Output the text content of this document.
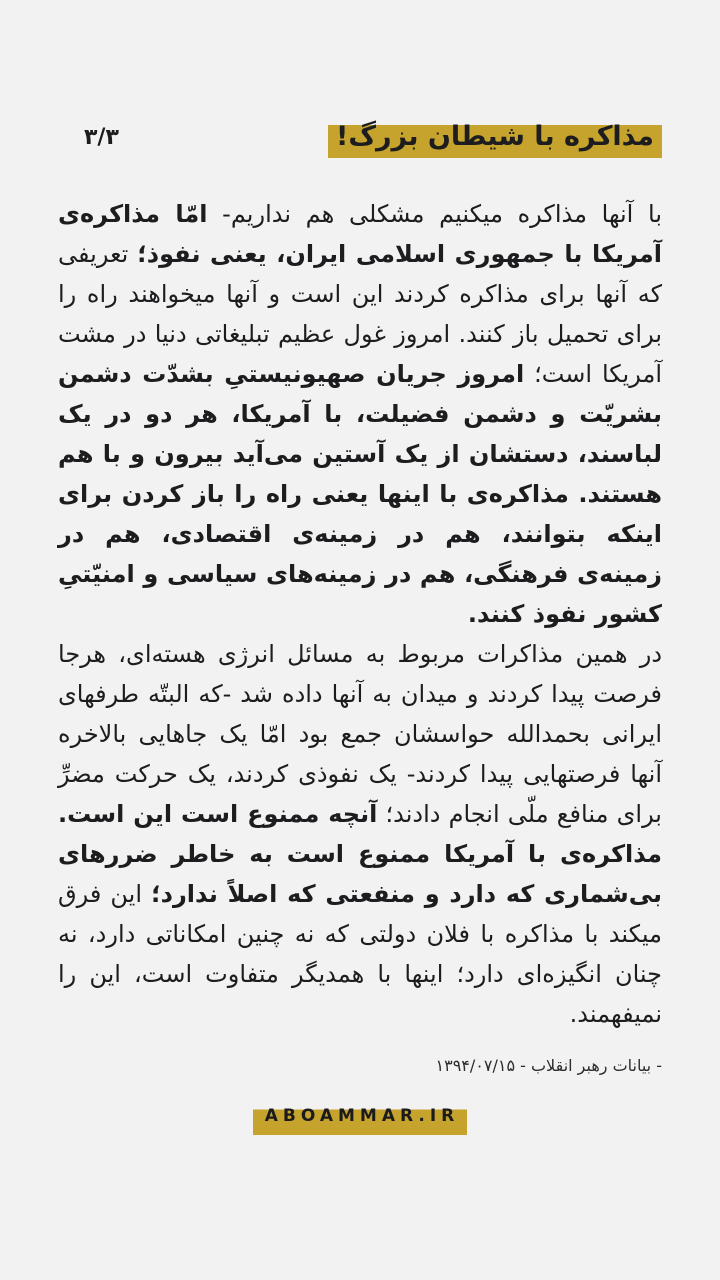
مذاکره با شیطان بزرگ!
۳/۳

با آنها مذاکره میکنیم مشکلی هم نداریم- امّا مذاکره‌ی آمریکا با جمهوری اسلامی ایران، یعنی نفوذ؛ تعریفی که آنها برای مذاکره کردند این است و آنها میخواهند راه را برای تحمیل باز کنند. امروز غول عظیم تبلیغاتی دنیا در مشت آمریکا است؛ امروز جریان صهیونیستیِ بشدّت دشمن بشریّت و دشمن فضیلت، با آمریکا، هر دو در یک لباسند، دستشان از یک آستین می‌آید بیرون و با هم هستند. مذاکره‌ی با اینها یعنی راه را باز کردن برای اینکه بتوانند، هم در زمینه‌ی اقتصادی، هم در زمینه‌ی فرهنگی، هم در زمینه‌های سیاسی و امنیّتیِ کشور نفوذ کنند.

در همین مذاکرات مربوط به مسائل انرژی هسته‌ای، هرجا فرصت پیدا کردند و میدان به آنها داده شد -که البتّه طرفهای ایرانی بحمدالله حواسشان جمع بود امّا یک جاهایی بالاخره آنها فرصتهایی پیدا کردند- یک نفوذی کردند، یک حرکت مضرِّ برای منافع ملّی انجام دادند؛ آنچه ممنوع است این است. مذاکره‌ی با آمریکا ممنوع است به خاطر ضررهای بی‌شماری که دارد و منفعتی که اصلاً ندارد؛ این فرق میکند با مذاکره با فلان دولتی که نه چنین امکاناتی دارد، نه چنان انگیزه‌ای دارد؛ اینها با همدیگر متفاوت است، این را نمیفهمند.

- بیانات رهبر انقلاب - ۱۳۹۴/۰۷/۱۵
ABOAMMAR.IR
